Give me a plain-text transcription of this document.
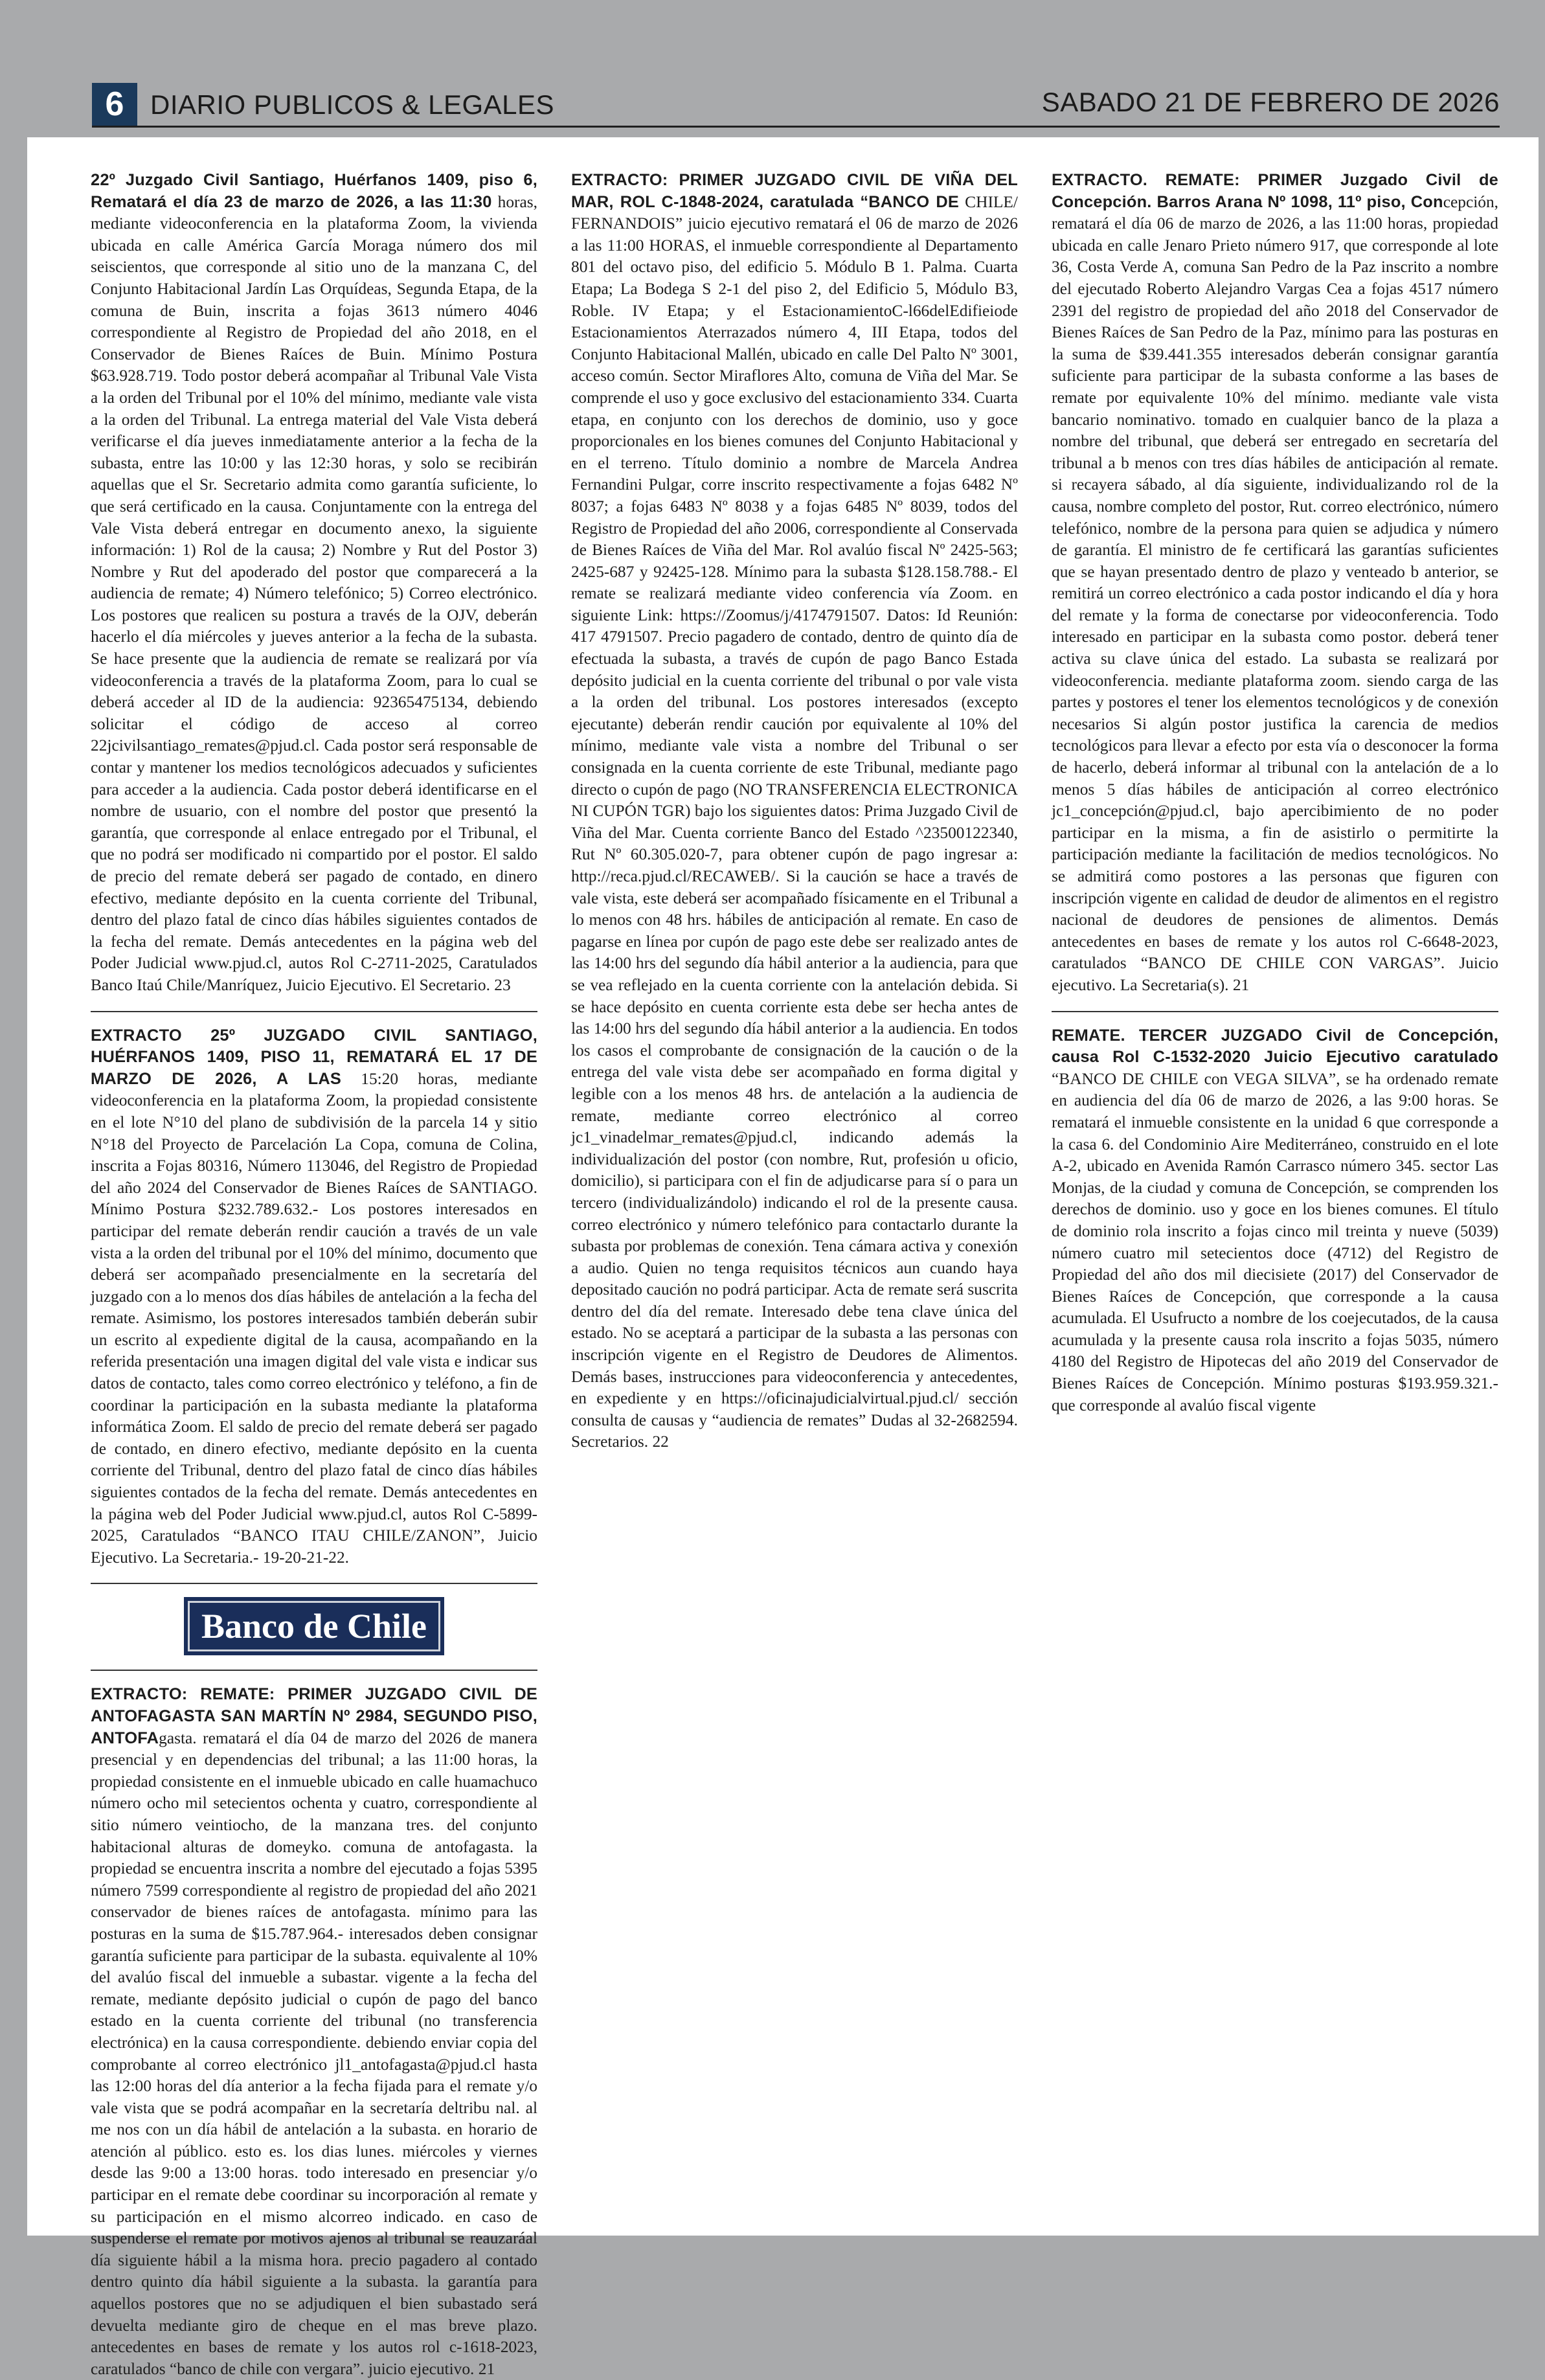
6 DIARIO PUBLICOS & LEGALES	SABADO 21 DE FEBRERO DE 2026

22º Juzgado Civil Santiago, Huérfanos 1409, piso 6, Rematará el día 23 de marzo de 2026, a las 11:30 horas, mediante videoconferencia en la plataforma Zoom, la vivienda ubicada en calle América García Moraga número dos mil seiscientos, que corresponde al sitio uno de la manzana C, del Conjunto Habitacional Jardín Las Orquídeas, Segunda Etapa, de la comuna de Buin, inscrita a fojas 3613 número 4046 correspondiente al Registro de Propiedad del año 2018, en el Conservador de Bienes Raíces de Buin. Mínimo Postura $63.928.719. Todo postor deberá acompañar al Tribunal Vale Vista a la orden del Tribunal por el 10% del mínimo, mediante vale vista a la orden del Tribunal. La entrega material del Vale Vista deberá verificarse el día jueves inmediatamente anterior a la fecha de la subasta, entre las 10:00 y las 12:30 horas, y solo se recibirán aquellas que el Sr. Secretario admita como garantía suficiente, lo que será certificado en la causa. Conjuntamente con la entrega del Vale Vista deberá entregar en documento anexo, la siguiente información: 1) Rol de la causa; 2) Nombre y Rut del Postor 3) Nombre y Rut del apoderado del postor que comparecerá a la audiencia de remate; 4) Número telefónico; 5) Correo electrónico. Los postores que realicen su postura a través de la OJV, deberán hacerlo el día miércoles y jueves anterior a la fecha de la subasta. Se hace presente que la audiencia de remate se realizará por vía videoconferencia a través de la plataforma Zoom, para lo cual se deberá acceder al ID de la audiencia: 92365475134, debiendo solicitar el código de acceso al correo 22jcivilsantiago_remates@pjud.cl. Cada postor será responsable de contar y mantener los medios tecnológicos adecuados y suficientes para acceder a la audiencia. Cada postor deberá identificarse en el nombre de usuario, con el nombre del postor que presentó la garantía, que corresponde al enlace entregado por el Tribunal, el que no podrá ser modificado ni compartido por el postor. El saldo de precio del remate deberá ser pagado de contado, en dinero efectivo, mediante depósito en la cuenta corriente del Tribunal, dentro del plazo fatal de cinco días hábiles siguientes contados de la fecha del remate. Demás antecedentes en la página web del Poder Judicial www.pjud.cl, autos Rol C-2711-2025, Caratulados Banco Itaú Chile/Manríquez, Juicio Ejecutivo. El Secretario. 23

EXTRACTO 25º JUZGADO CIVIL SANTIAGO, HUÉRFANOS 1409, PISO 11, REMATARÁ EL 17 DE MARZO DE 2026, A LAS 15:20 horas, mediante videoconferencia en la plataforma Zoom, la propiedad consistente en el lote N°10 del plano de subdivisión de la parcela 14 y sitio N°18 del Proyecto de Parcelación La Copa, comuna de Colina, inscrita a Fojas 80316, Número 113046, del Registro de Propiedad del año 2024 del Conservador de Bienes Raíces de SANTIAGO. Mínimo Postura $232.789.632.- Los postores interesados en participar del remate deberán rendir caución a través de un vale vista a la orden del tribunal por el 10% del mínimo, documento que deberá ser acompañado presencialmente en la secretaría del juzgado con a lo menos dos días hábiles de antelación a la fecha del remate. Asimismo, los postores interesados también deberán subir un escrito al expediente digital de la causa, acompañando en la referida presentación una imagen digital del vale vista e indicar sus datos de contacto, tales como correo electrónico y teléfono, a fin de coordinar la participación en la subasta mediante la plataforma informática Zoom. El saldo de precio del remate deberá ser pagado de contado, en dinero efectivo, mediante depósito en la cuenta corriente del Tribunal, dentro del plazo fatal de cinco días hábiles siguientes contados de la fecha del remate. Demás antecedentes en la página web del Poder Judicial www.pjud.cl, autos Rol C-5899-2025, Caratulados “BANCO ITAU CHILE/ZANON”, Juicio Ejecutivo. La Secretaria.- 19-20-21-22.

Banco de Chile

EXTRACTO: REMATE: PRIMER JUZGADO CIVIL DE ANTOFAGASTA SAN MARTÍN Nº 2984, SEGUNDO PISO, ANTOFAgasta. rematará el día 04 de marzo del 2026 de manera presencial y en dependencias del tribunal; a las 11:00 horas, la propiedad consistente en el inmueble ubicado en calle huamachuco número ocho mil setecientos ochenta y cuatro, correspondiente al sitio número veintiocho, de la manzana tres. del conjunto habitacional alturas de domeyko. comuna de antofagasta. la propiedad se encuentra inscrita a nombre del ejecutado a fojas 5395 número 7599 correspondiente al registro de propiedad del año 2021 conservador de bienes raíces de antofagasta. mínimo para las posturas en la suma de $15.787.964.- interesados deben consignar garantía suficiente para participar de la subasta. equivalente al 10% del avalúo fiscal del inmueble a subastar. vigente a la fecha del remate, mediante depósito judicial o cupón de pago del banco estado en la cuenta corriente del tribunal (no transferencia electrónica) en la causa correspondiente. debiendo enviar copia del comprobante al correo electrónico jl1_antofagasta@pjud.cl hasta las 12:00 horas del día anterior a la fecha fijada para el remate y/o vale vista que se podrá acompañar en la secretaría deltribu nal. al me nos con un día hábil de antelación a la subasta. en horario de atención al público. esto es. los dias lunes. miércoles y viernes desde las 9:00 a 13:00 horas. todo interesado en presenciar y/o participar en el remate debe coordinar su incorporación al remate y su participación en el mismo alcorreo indicado. en caso de suspenderse el remate por motivos ajenos al tribunal se reauzaráal día siguiente hábil a la misma hora. precio pagadero al contado dentro quinto día hábil siguiente a la subasta. la garantía para aquellos postores que no se adjudiquen el bien subastado será devuelta mediante giro de cheque en el mas breve plazo. antecedentes en bases de remate y los autos rol c-1618-2023, caratulados “banco de chile con vergara”. juicio ejecutivo. 21

EXTRACTO: PRIMER JUZGADO CIVIL DE VIÑA DEL MAR, ROL C-1848-2024, caratulada “BANCO DE CHILE/ FERNANDOIS” juicio ejecutivo rematará el 06 de marzo de 2026 a las 11:00 HORAS, el inmueble correspondiente al Departamento 801 del octavo piso, del edificio 5. Módulo B 1. Palma. Cuarta Etapa; La Bodega S 2-1 del piso 2, del Edificio 5, Módulo B3, Roble. IV Etapa; y el EstacionamientoC-l66delEdifieiode Estacionamientos Aterrazados número 4, III Etapa, todos del Conjunto Habitacional Mallén, ubicado en calle Del Palto Nº 3001, acceso común. Sector Miraflores Alto, comuna de Viña del Mar. Se comprende el uso y goce exclusivo del estacionamiento 334. Cuarta etapa, en conjunto con los derechos de dominio, uso y goce proporcionales en los bienes comunes del Conjunto Habitacional y en el terreno. Título dominio a nombre de Marcela Andrea Fernandini Pulgar, corre inscrito respectivamente a fojas 6482 Nº 8037; a fojas 6483 Nº 8038 y a fojas 6485 Nº 8039, todos del Registro de Propiedad del año 2006, correspondiente al Conservada de Bienes Raíces de Viña del Mar. Rol avalúo fiscal Nº 2425-563; 2425-687 y 92425-128. Mínimo para la subasta $128.158.788.- El remate se realizará mediante video conferencia vía Zoom. en siguiente Link: https://Zoomus/j/4174791507. Datos: Id Reunión: 417 4791507. Precio pagadero de contado, dentro de quinto día de efectuada la subasta, a través de cupón de pago Banco Estada depósito judicial en la cuenta corriente del tribunal o por vale vista a la orden del tribunal. Los postores interesados (excepto ejecutante) deberán rendir caución por equivalente al 10% del mínimo, mediante vale vista a nombre del Tribunal o ser consignada en la cuenta corriente de este Tribunal, mediante pago directo o cupón de pago (NO TRANSFERENCIA ELECTRONICA NI CUPÓN TGR) bajo los siguientes datos: Prima Juzgado Civil de Viña del Mar. Cuenta corriente Banco del Estado ^23500122340, Rut Nº 60.305.020-7, para obtener cupón de pago ingresar a: http://reca.pjud.cl/RECAWEB/. Si la caución se hace a través de vale vista, este deberá ser acompañado físicamente en el Tribunal a lo menos con 48 hrs. hábiles de anticipación al remate. En caso de pagarse en línea por cupón de pago este debe ser realizado antes de las 14:00 hrs del segundo día hábil anterior a la audiencia, para que se vea reflejado en la cuenta corriente con la antelación debida. Si se hace depósito en cuenta corriente esta debe ser hecha antes de las 14:00 hrs del segundo día hábil anterior a la audiencia. En todos los casos el comprobante de consignación de la caución o de la entrega del vale vista debe ser acompañado en forma digital y legible con a los menos 48 hrs. de antelación a la audiencia de remate, mediante correo electrónico al correo jc1_vinadelmar_remates@pjud.cl, indicando además la individualización del postor (con nombre, Rut, profesión u oficio, domicilio), si participara con el fin de adjudicarse para sí o para un tercero (individualizándolo) indicando el rol de la presente causa. correo electrónico y número telefónico para contactarlo durante la subasta por problemas de conexión. Tena cámara activa y conexión a audio. Quien no tenga requisitos técnicos aun cuando haya depositado caución no podrá participar. Acta de remate será suscrita dentro del día del remate. Interesado debe tena clave única del estado. No se aceptará a participar de la subasta a las personas con inscripción vigente en el Registro de Deudores de Alimentos. Demás bases, instrucciones para videoconferencia y antecedentes, en expediente y en https://oficinajudicialvirtual.pjud.cl/ sección consulta de causas y “audiencia de remates” Dudas al 32-2682594. Secretarios. 22

EXTRACTO. REMATE: PRIMER Juzgado Civil de Concepción. Barros Arana Nº 1098, 11º piso, Concepción, rematará el día 06 de marzo de 2026, a las 11:00 horas, propiedad ubicada en calle Jenaro Prieto número 917, que corresponde al lote 36, Costa Verde A, comuna San Pedro de la Paz inscrito a nombre del ejecutado Roberto Alejandro Vargas Cea a fojas 4517 número 2391 del registro de propiedad del año 2018 del Conservador de Bienes Raíces de San Pedro de la Paz, mínimo para las posturas en la suma de $39.441.355 interesados deberán consignar garantía suficiente para participar de la subasta conforme a las bases de remate por equivalente 10% del mínimo. mediante vale vista bancario nominativo. tomado en cualquier banco de la plaza a nombre del tribunal, que deberá ser entregado en secretaría del tribunal a b menos con tres días hábiles de anticipación al remate. si recayera sábado, al día siguiente, individualizando rol de la causa, nombre completo del postor, Rut. correo electrónico, número telefónico, nombre de la persona para quien se adjudica y número de garantía. El ministro de fe certificará las garantías suficientes que se hayan presentado dentro de plazo y venteado b anterior, se remitirá un correo electrónico a cada postor indicando el día y hora del remate y la forma de conectarse por videoconferencia. Todo interesado en participar en la subasta como postor. deberá tener activa su clave única del estado. La subasta se realizará por videoconferencia. mediante plataforma zoom. siendo carga de las partes y postores el tener los elementos tecnológicos y de conexión necesarios Si algún postor justifica la carencia de medios tecnológicos para llevar a efecto por esta vía o desconocer la forma de hacerlo, deberá informar al tribunal con la antelación de a lo menos 5 días hábiles de anticipación al correo electrónico jc1_concepción@pjud.cl, bajo apercibimiento de no poder participar en la misma, a fin de asistirlo o permitirte la participación mediante la facilitación de medios tecnológicos. No se admitirá como postores a las personas que figuren con inscripción vigente en calidad de deudor de alimentos en el registro nacional de deudores de pensiones de alimentos. Demás antecedentes en bases de remate y los autos rol C-6648-2023, caratulados “BANCO DE CHILE CON VARGAS”. Juicio ejecutivo. La Secretaria(s). 21

REMATE. TERCER JUZGADO Civil de Concepción, causa Rol C-1532-2020 Juicio Ejecutivo caratulado “BANCO DE CHILE con VEGA SILVA”, se ha ordenado remate en audiencia del día 06 de marzo de 2026, a las 9:00 horas. Se rematará el inmueble consistente en la unidad 6 que corresponde a la casa 6. del Condominio Aire Mediterráneo, construido en el lote A-2, ubicado en Avenida Ramón Carrasco número 345. sector Las Monjas, de la ciudad y comuna de Concepción, se comprenden los derechos de dominio. uso y goce en los bienes comunes. El título de dominio rola inscrito a fojas cinco mil treinta y nueve (5039) número cuatro mil setecientos doce (4712) del Registro de Propiedad del año dos mil diecisiete (2017) del Conservador de Bienes Raíces de Concepción, que corresponde a la causa acumulada. El Usufructo a nombre de los coejecutados, de la causa acumulada y la presente causa rola inscrito a fojas 5035, número 4180 del Registro de Hipotecas del año 2019 del Conservador de Bienes Raíces de Concepción. Mínimo posturas $193.959.321.- que corresponde al avalúo fiscal vigente
